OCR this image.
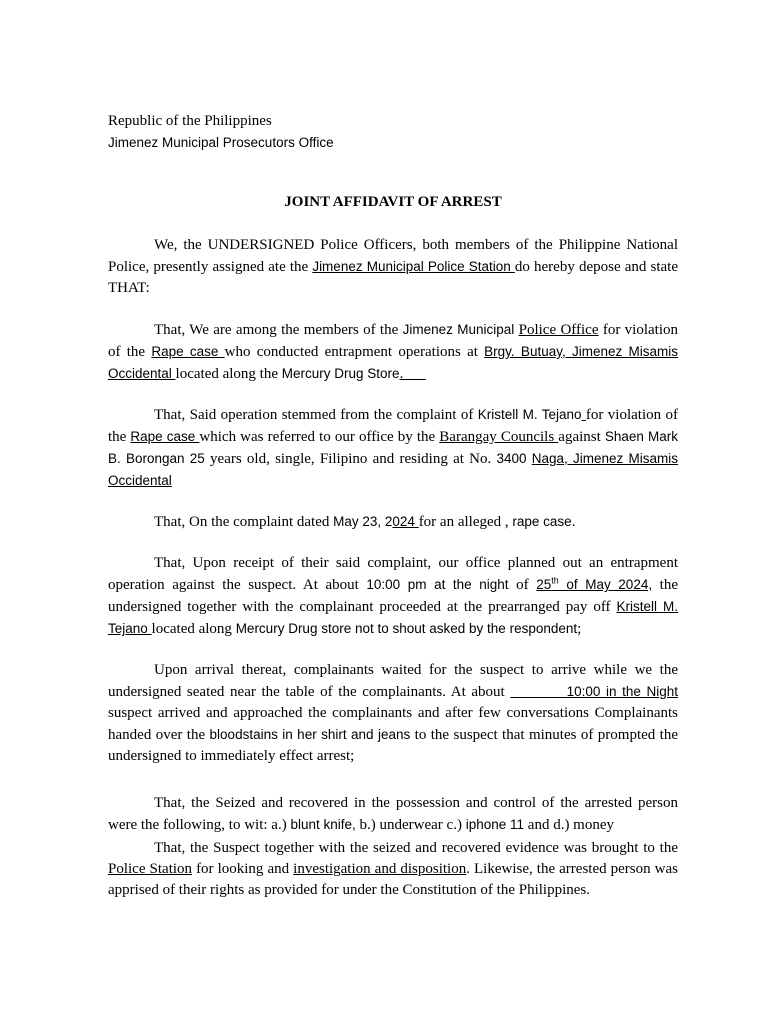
Republic of the Philippines
Jimenez Municipal Prosecutors Office
JOINT AFFIDAVIT OF ARREST

We, the UNDERSIGNED Police Officers, both members of the Philippine National Police, presently assigned ate the Jimenez Municipal Police Station do hereby depose and state THAT:

That, We are among the members of the Jimenez Municipal Police Office for violation of the Rape case who conducted entrapment operations at Brgy. Butuay, Jimenez Misamis Occidental located along the Mercury Drug Store.

That, Said operation stemmed from the complaint of Kristell M. Tejano for violation of the Rape case which was referred to our office by the Barangay Councils against Shaen Mark B. Borongan 25 years old, single, Filipino and residing at No. 3400 Naga, Jimenez Misamis Occidental

That, On the complaint dated May 23, 2024 for an alleged , rape case.

That, Upon receipt of their said complaint, our office planned out an entrapment operation against the suspect. At about 10:00 pm at the night of 25th of May 2024, the undersigned together with the complainant proceeded at the prearranged pay off Kristell M. Tejano located along Mercury Drug store not to shout asked by the respondent;

Upon arrival thereat, complainants waited for the suspect to arrive while we the undersigned seated near the table of the complainants. At about	10:00 in the Night suspect arrived and approached the complainants and after few conversations Complainants handed over the bloodstains in her shirt and jeans to the suspect that minutes of prompted the undersigned to immediately effect arrest;

That, the Seized and recovered in the possession and control of the arrested person were the following, to wit: a.) blunt knife, b.) underwear c.) iphone 11 and d.) money

That, the Suspect together with the seized and recovered evidence was brought to the Police Station for looking and investigation and disposition. Likewise, the arrested person was apprised of their rights as provided for under the Constitution of the Philippines.
